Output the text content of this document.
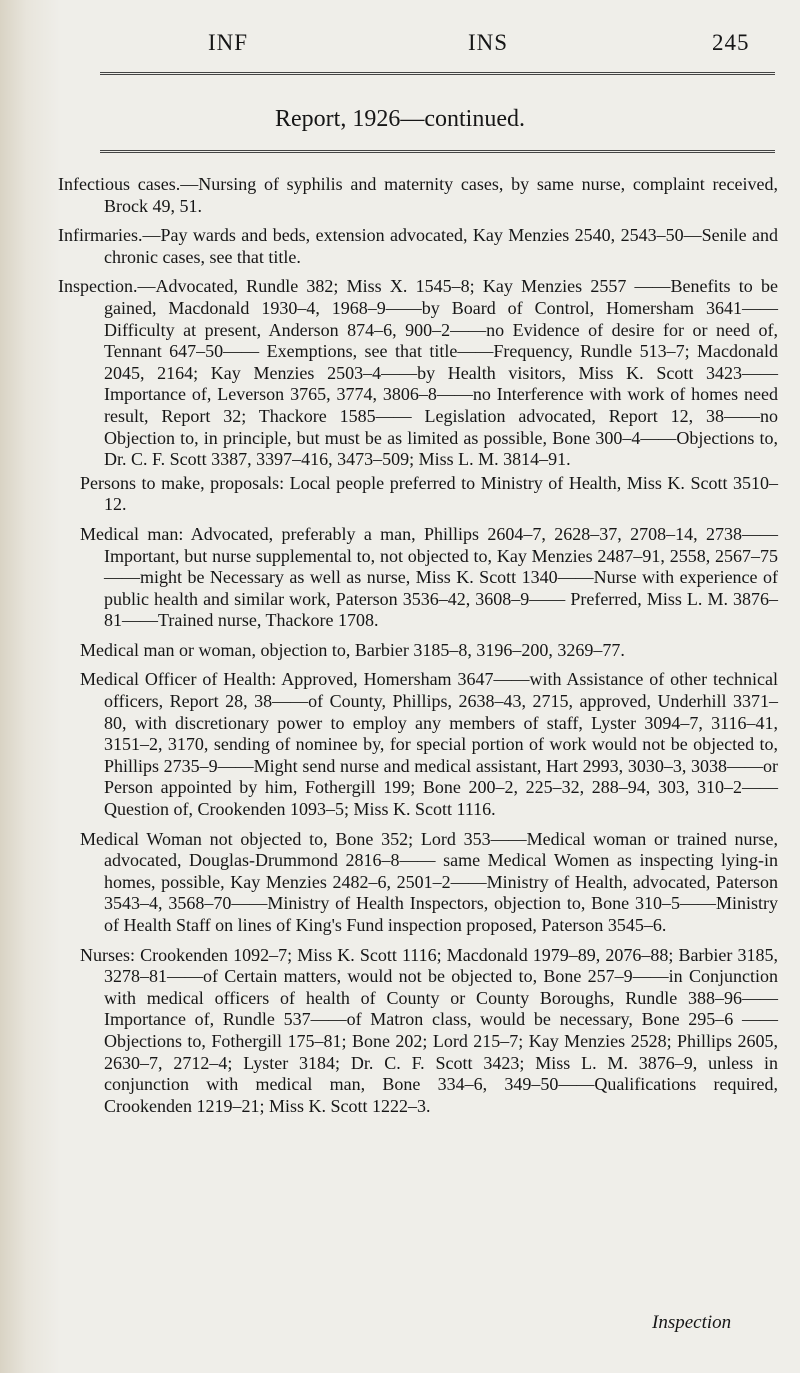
INF	INS	245
Report, 1926—continued.

Infectious cases.—Nursing of syphilis and maternity cases, by same nurse, complaint received, Brock 49, 51.

Infirmaries.—Pay wards and beds, extension advocated, Kay Menzies 2540, 2543–50—Senile and chronic cases, see that title.

Inspection.—Advocated, Rundle 382; Miss X. 1545–8; Kay Menzies 2557 ——Benefits to be gained, Macdonald 1930–4, 1968–9——by Board of Control, Homersham 3641——Difficulty at present, Anderson 874–6, 900–2——no Evidence of desire for or need of, Tennant 647–50—— Exemptions, see that title——Frequency, Rundle 513–7; Macdonald 2045, 2164; Kay Menzies 2503–4——by Health visitors, Miss K. Scott 3423——Importance of, Leverson 3765, 3774, 3806–8——no Interference with work of homes need result, Report 32; Thackore 1585—— Legislation advocated, Report 12, 38——no Objection to, in principle, but must be as limited as possible, Bone 300–4——Objections to, Dr. C. F. Scott 3387, 3397–416, 3473–509; Miss L. M. 3814–91.

Persons to make, proposals: Local people preferred to Ministry of Health, Miss K. Scott 3510–12.

Medical man: Advocated, preferably a man, Phillips 2604–7, 2628–37, 2708–14, 2738——Important, but nurse supplemental to, not objected to, Kay Menzies 2487–91, 2558, 2567–75——might be Necessary as well as nurse, Miss K. Scott 1340——Nurse with experience of public health and similar work, Paterson 3536–42, 3608–9—— Preferred, Miss L. M. 3876–81——Trained nurse, Thackore 1708.

Medical man or woman, objection to, Barbier 3185–8, 3196–200, 3269–77.

Medical Officer of Health: Approved, Homersham 3647——with Assistance of other technical officers, Report 28, 38——of County, Phillips, 2638–43, 2715, approved, Underhill 3371–80, with discretionary power to employ any members of staff, Lyster 3094–7, 3116–41, 3151–2, 3170, sending of nominee by, for special portion of work would not be objected to, Phillips 2735–9——Might send nurse and medical assistant, Hart 2993, 3030–3, 3038——or Person appointed by him, Fothergill 199; Bone 200–2, 225–32, 288–94, 303, 310–2——Question of, Crookenden 1093–5; Miss K. Scott 1116.

Medical Woman not objected to, Bone 352; Lord 353——Medical woman or trained nurse, advocated, Douglas-Drummond 2816–8—— same Medical Women as inspecting lying-in homes, possible, Kay Menzies 2482–6, 2501–2——Ministry of Health, advocated, Paterson 3543–4, 3568–70——Ministry of Health Inspectors, objection to, Bone 310–5——Ministry of Health Staff on lines of King's Fund inspection proposed, Paterson 3545–6.

Nurses: Crookenden 1092–7; Miss K. Scott 1116; Macdonald 1979–89, 2076–88; Barbier 3185, 3278–81——of Certain matters, would not be objected to, Bone 257–9——in Conjunction with medical officers of health of County or County Boroughs, Rundle 388–96——Importance of, Rundle 537——of Matron class, would be necessary, Bone 295–6 ——Objections to, Fothergill 175–81; Bone 202; Lord 215–7; Kay Menzies 2528; Phillips 2605, 2630–7, 2712–4; Lyster 3184; Dr. C. F. Scott 3423; Miss L. M. 3876–9, unless in conjunction with medical man, Bone 334–6, 349–50——Qualifications required, Crookenden 1219–21; Miss K. Scott 1222–3.

Inspection
